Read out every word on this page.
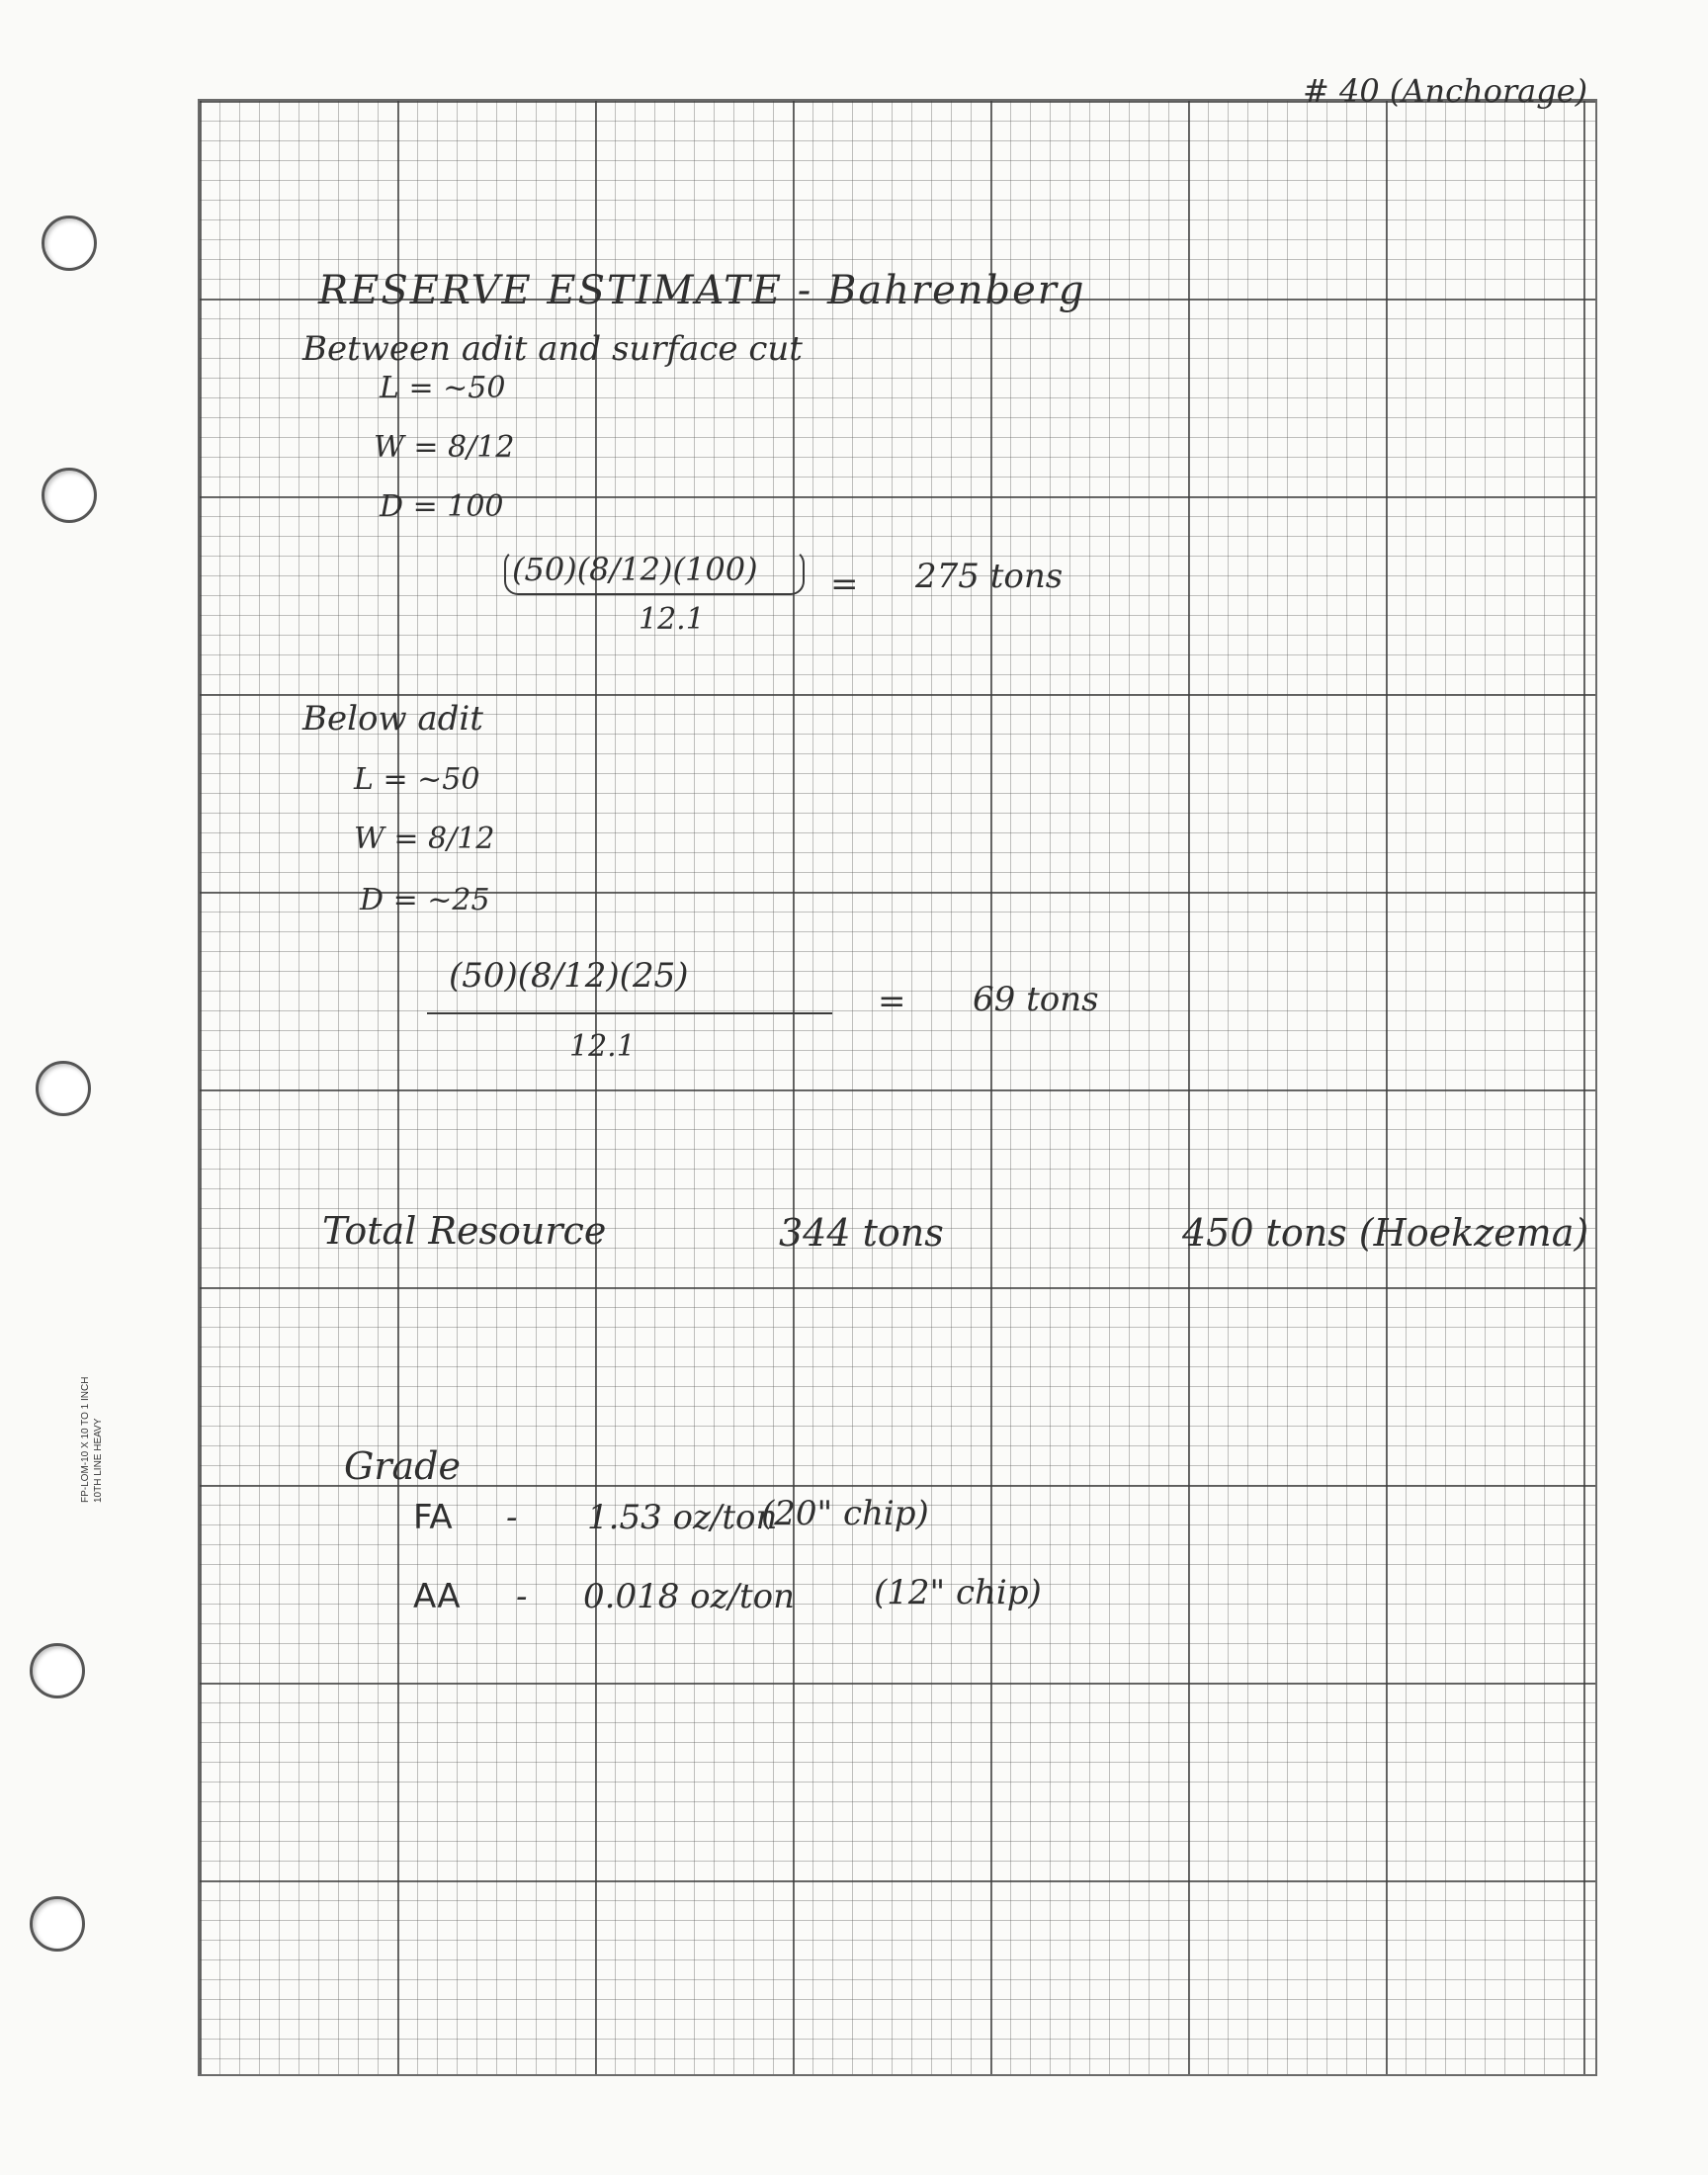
FP-LOM-10 X 10 TO 1 INCH 10TH LINE HEAVY
# 40 (Anchorage)
RESERVE ESTIMATE - Bahrenberg
Between adit and surface cut
L = ~50
W = 8/12
D = 100
(50)(8/12)(100)
12.1
= 275 tons
Below adit
L = ~50
W = 8/12
D = ~25
(50)(8/12)(25)
12.1
= 69 tons
Total Resource	344 tons	450 tons (Hoekzema)
Grade
FA - 1.53 oz/ton
(20" chip)
AA - 0.018 oz/ton (12" chip)
